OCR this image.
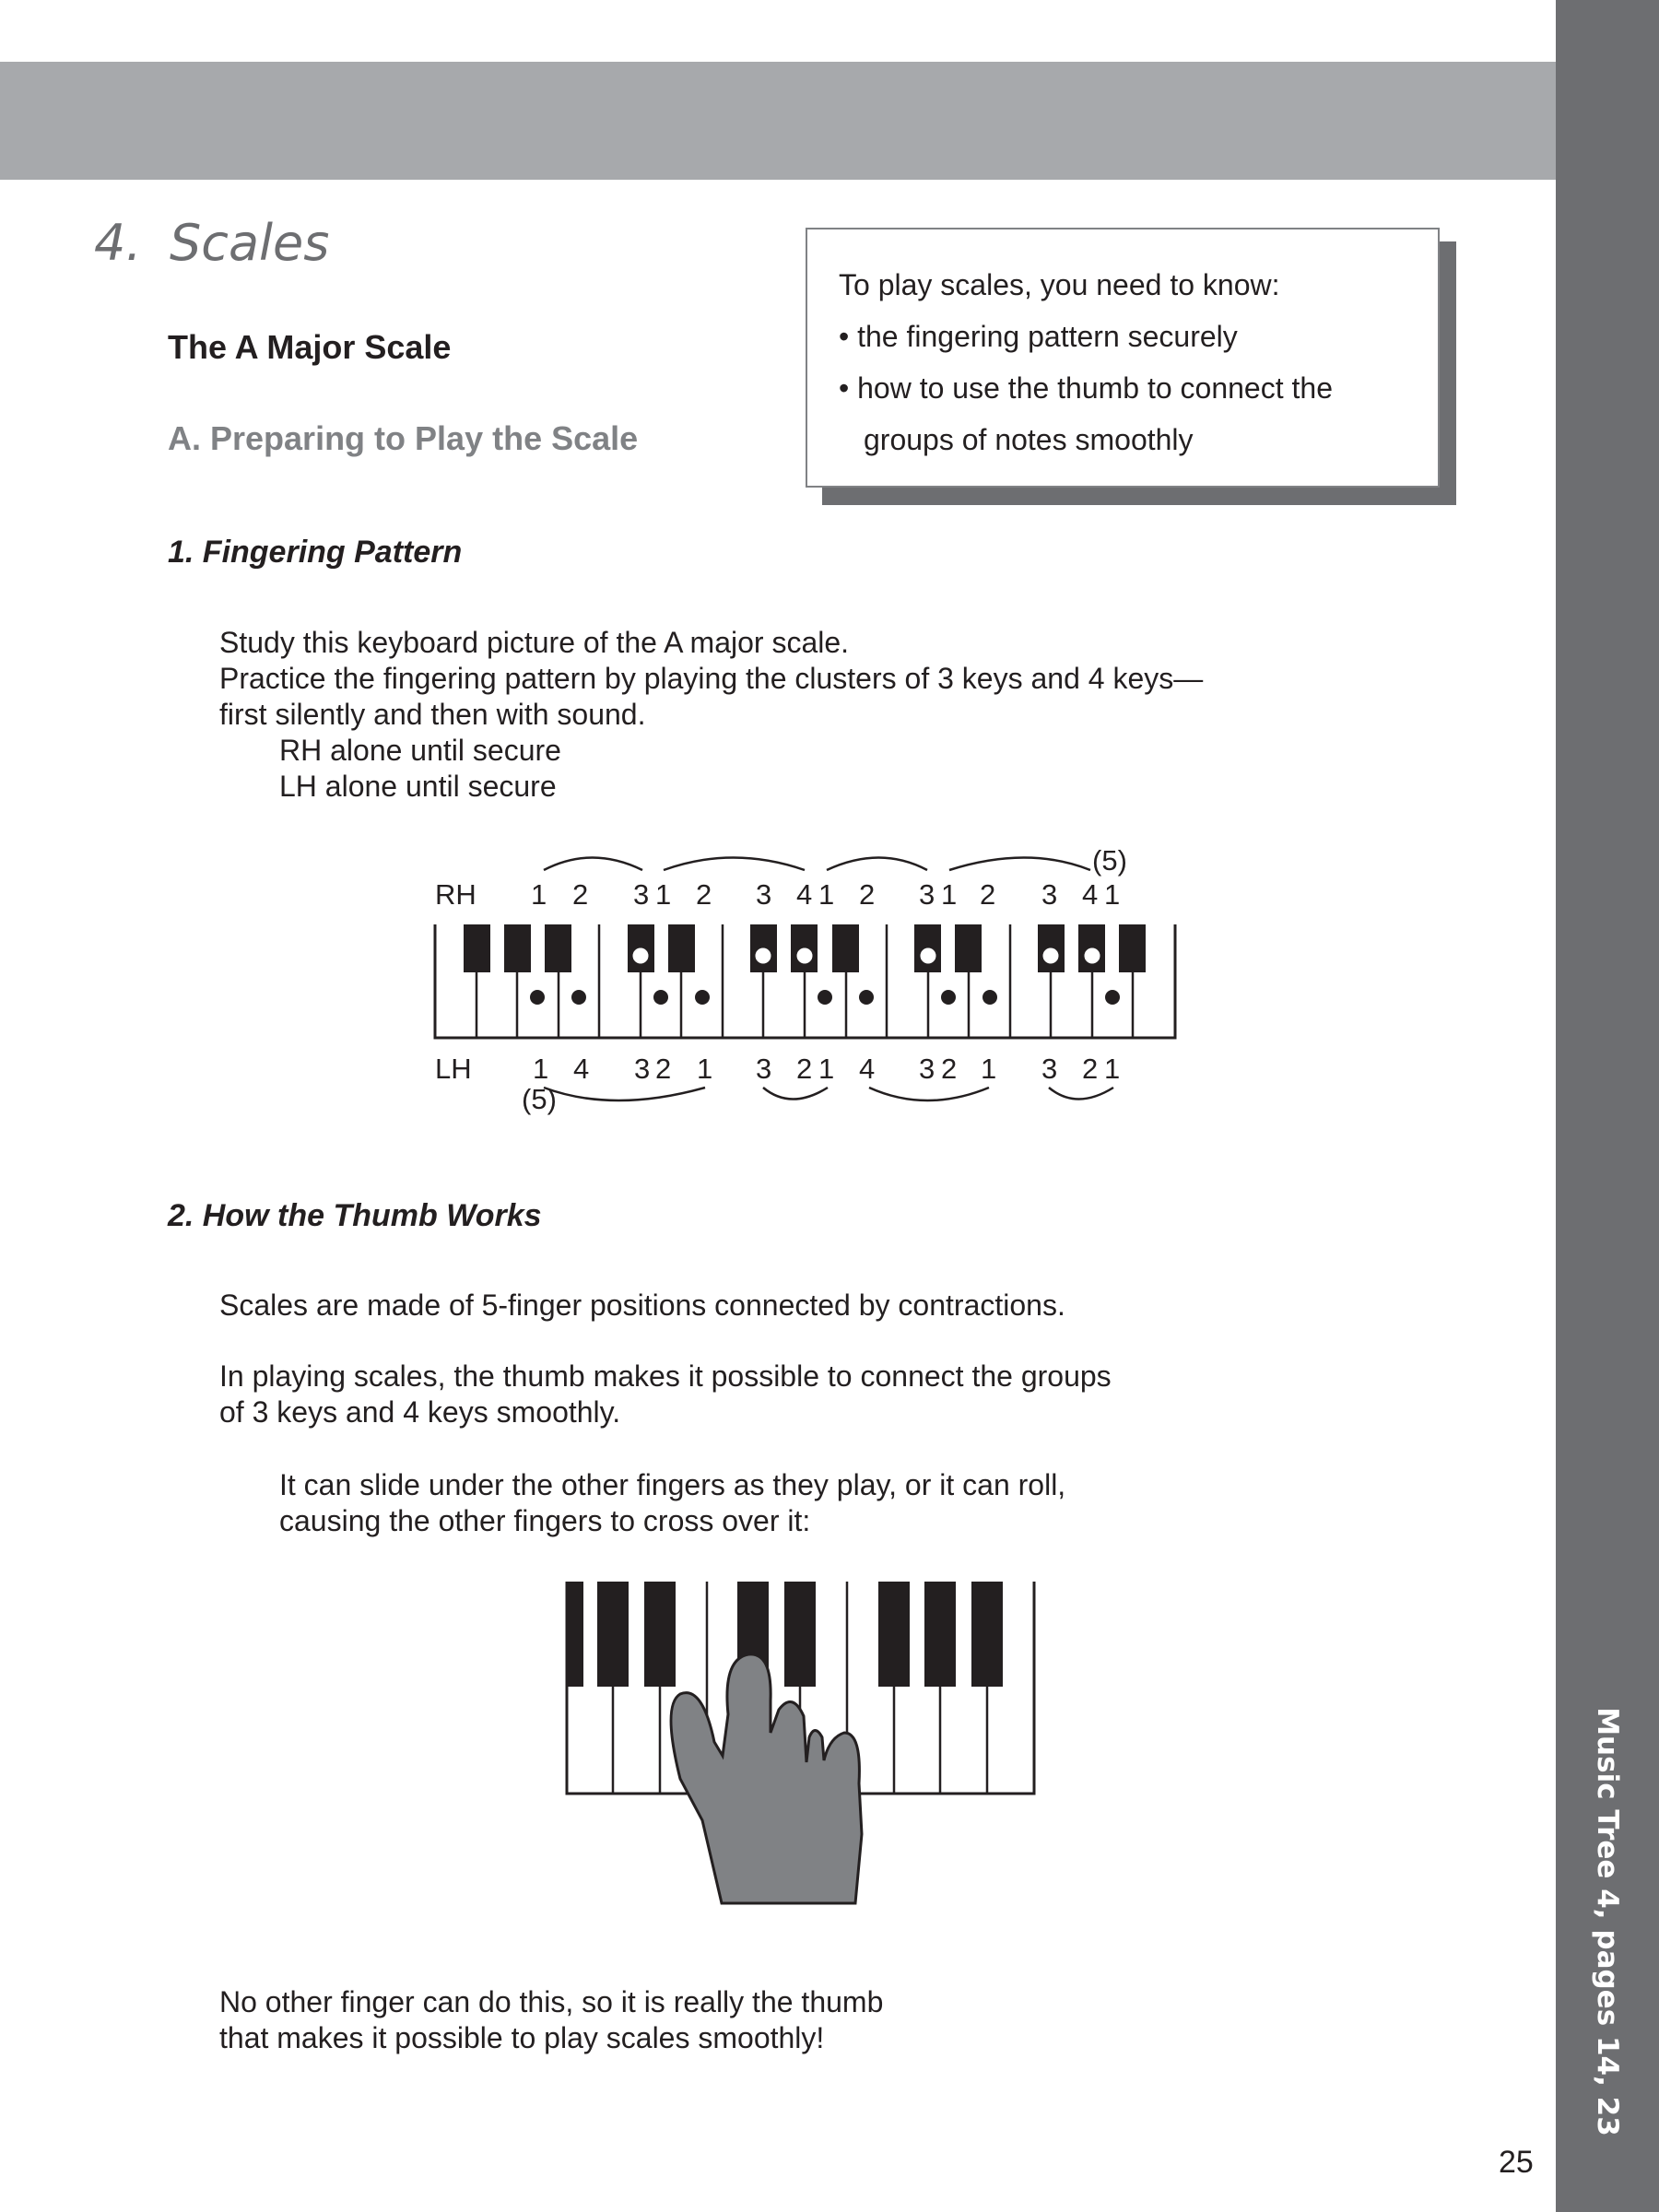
Music Tree 4, pages 14, 23
4. Scales
The A Major Scale
A. Preparing to Play the Scale
To play scales, you need to know:
• the fingering pattern securely
• how to use the thumb to connect the
groups of notes smoothly
1. Fingering Pattern
Study this keyboard picture of the A major scale.
Practice the fingering pattern by playing the clusters of 3 keys and 4 keys—
first silently and then with sound.
RH alone until secure
LH alone until secure
RH
LH
(5)
(5)
1 2 3 1 2 3 4 1 2 3 1 2 3 4 1
1 4 3 2 1 3 2 1 4 3 2 1 3 2 1
2. How the Thumb Works
Scales are made of 5-finger positions connected by contractions.
In playing scales, the thumb makes it possible to connect the groups
of 3 keys and 4 keys smoothly.
It can slide under the other fingers as they play, or it can roll,
causing the other fingers to cross over it:
No other finger can do this, so it is really the thumb
that makes it possible to play scales smoothly!
25
